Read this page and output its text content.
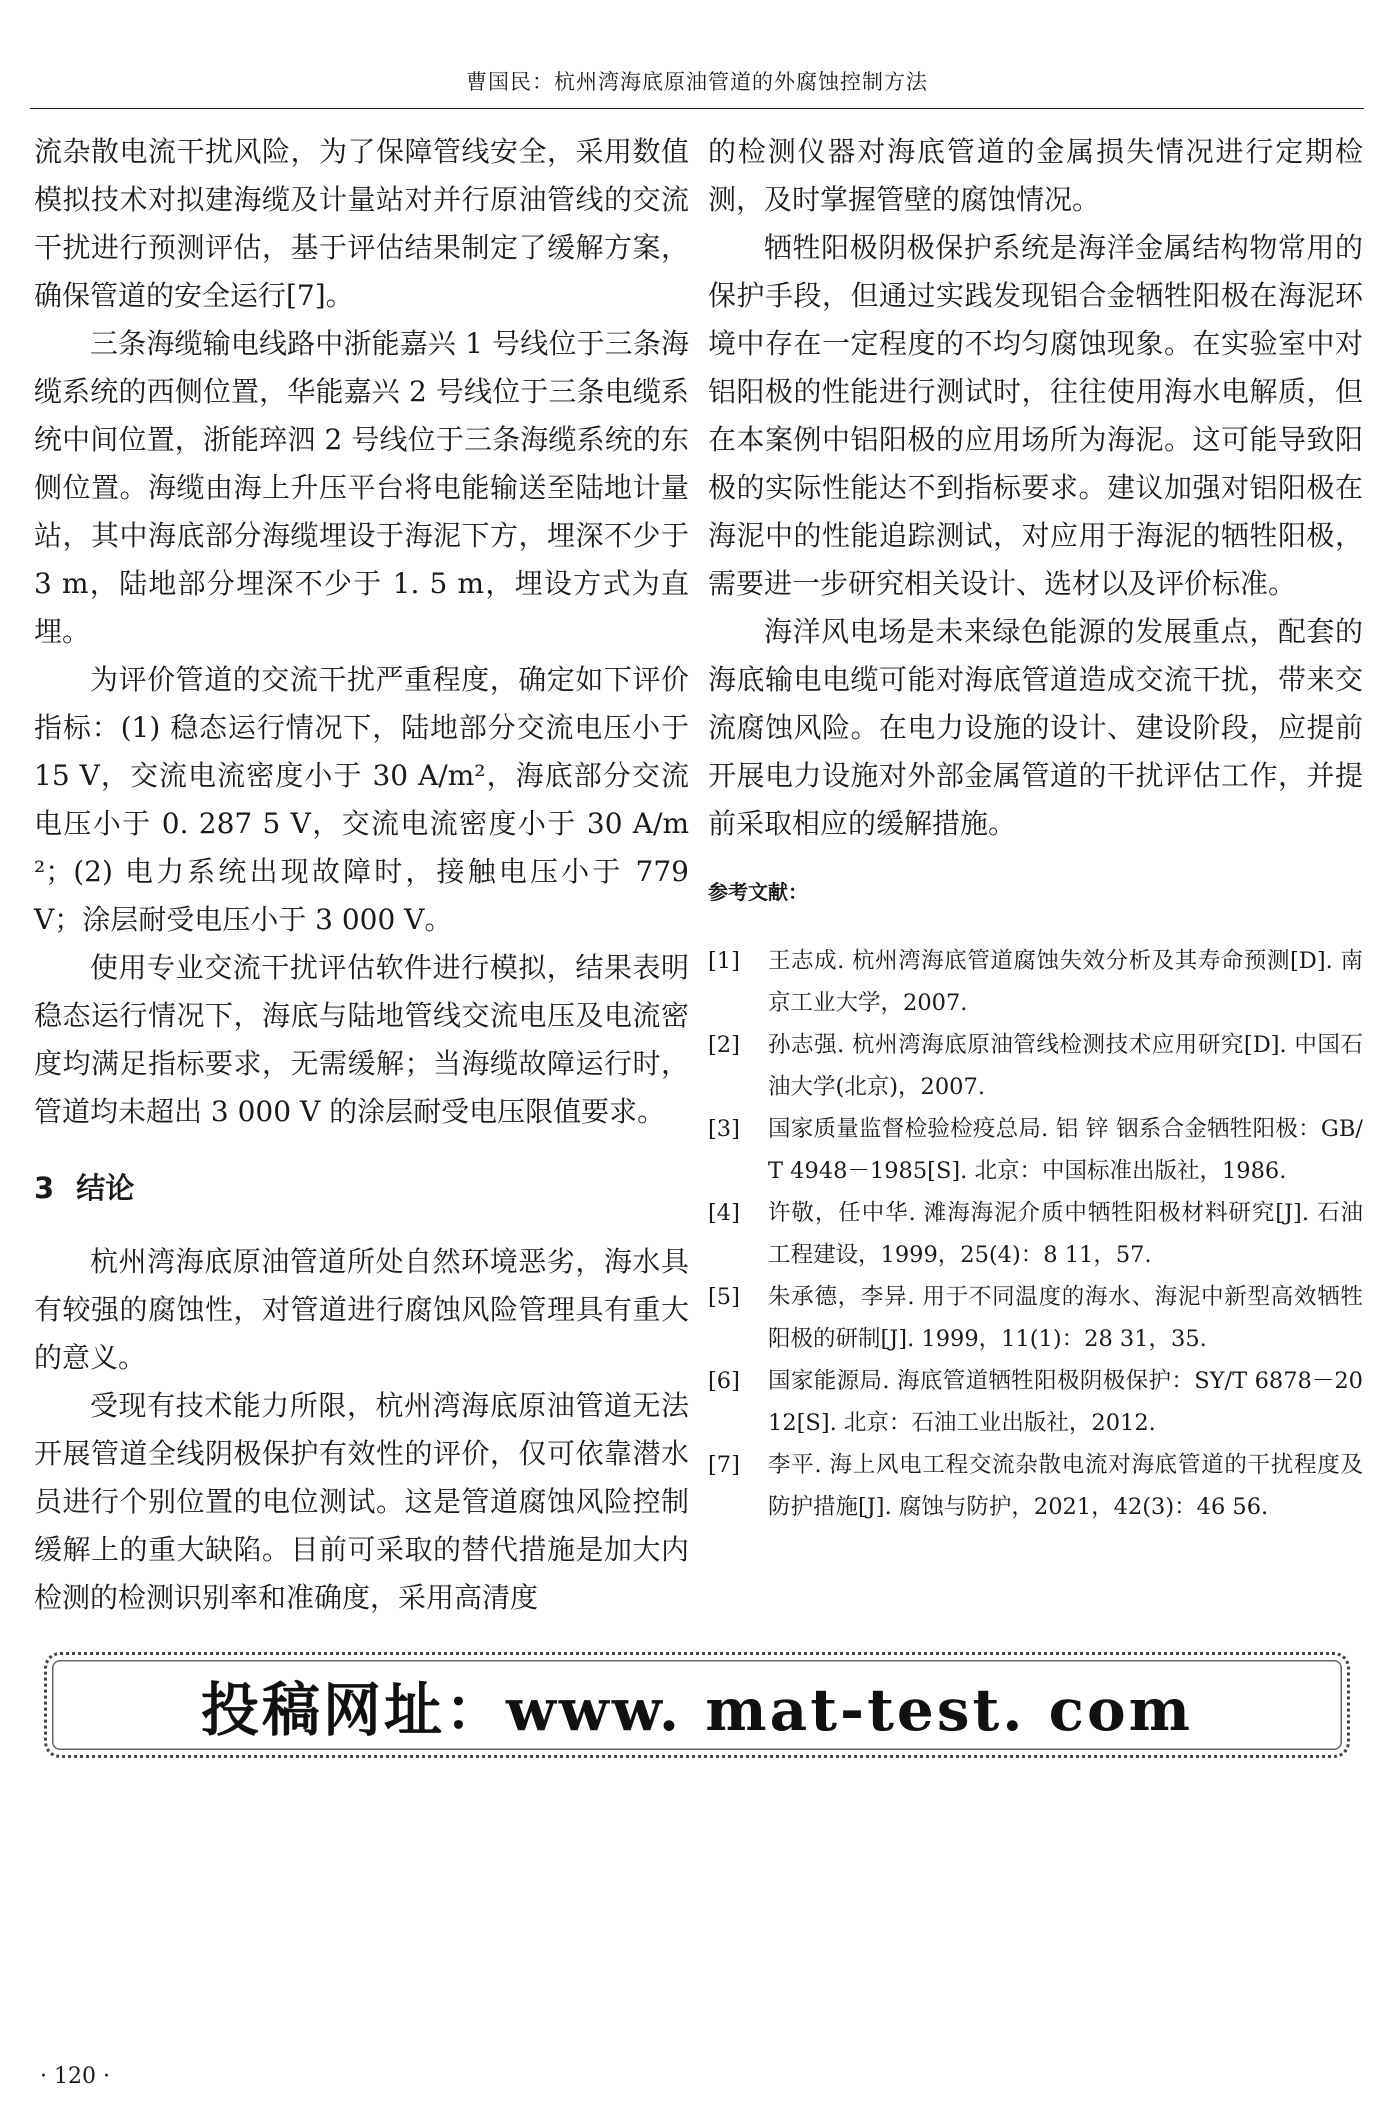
曹国民：杭州湾海底原油管道的外腐蚀控制方法

流杂散电流干扰风险，为了保障管线安全，采用数值模拟技术对拟建海缆及计量站对并行原油管线的交流干扰进行预测评估，基于评估结果制定了缓解方案，确保管道的安全运行[7]。

三条海缆输电线路中浙能嘉兴 1 号线位于三条海缆系统的西侧位置，华能嘉兴 2 号线位于三条电缆系统中间位置，浙能琗泗 2 号线位于三条海缆系统的东侧位置。海缆由海上升压平台将电能输送至陆地计量站，其中海底部分海缆埋设于海泥下方，埋深不少于 3 m，陆地部分埋深不少于 1. 5 m，埋设方式为直埋。

为评价管道的交流干扰严重程度，确定如下评价指标：(1) 稳态运行情况下，陆地部分交流电压小于 15 V，交流电流密度小于 30 A/m²，海底部分交流电压小于 0. 287 5 V，交流电流密度小于 30 A/m²；(2) 电力系统出现故障时，接触电压小于 779 V；涂层耐受电压小于 3 000 V。

使用专业交流干扰评估软件进行模拟，结果表明稳态运行情况下，海底与陆地管线交流电压及电流密度均满足指标要求，无需缓解；当海缆故障运行时，管道均未超出 3 000 V 的涂层耐受电压限值要求。

3 结论

杭州湾海底原油管道所处自然环境恶劣，海水具有较强的腐蚀性，对管道进行腐蚀风险管理具有重大的意义。

受现有技术能力所限，杭州湾海底原油管道无法开展管道全线阴极保护有效性的评价，仅可依靠潜水员进行个别位置的电位测试。这是管道腐蚀风险控制缓解上的重大缺陷。目前可采取的替代措施是加大内检测的检测识别率和准确度，采用高清度

的检测仪器对海底管道的金属损失情况进行定期检测，及时掌握管壁的腐蚀情况。

牺牲阳极阴极保护系统是海洋金属结构物常用的保护手段，但通过实践发现铝合金牺牲阳极在海泥环境中存在一定程度的不均匀腐蚀现象。在实验室中对铝阳极的性能进行测试时，往往使用海水电解质，但在本案例中铝阳极的应用场所为海泥。这可能导致阳极的实际性能达不到指标要求。建议加强对铝阳极在海泥中的性能追踪测试，对应用于海泥的牺牲阳极，需要进一步研究相关设计、选材以及评价标准。

海洋风电场是未来绿色能源的发展重点，配套的海底输电电缆可能对海底管道造成交流干扰，带来交流腐蚀风险。在电力设施的设计、建设阶段，应提前开展电力设施对外部金属管道的干扰评估工作，并提前采取相应的缓解措施。

参考文献：
[1]	王志成. 杭州湾海底管道腐蚀失效分析及其寿命预测[D]. 南京工业大学，2007.
[2]	孙志强. 杭州湾海底原油管线检测技术应用研究[D]. 中国石油大学(北京)，2007.
[3]	国家质量监督检验检疫总局. 铝 锌 铟系合金牺牲阳极：GB/T 4948－1985[S]. 北京：中国标准出版社，1986.
[4]	许敬，任中华. 滩海海泥介质中牺牲阳极材料研究[J]. 石油工程建设，1999，25(4)：8 11，57.
[5]	朱承德，李异. 用于不同温度的海水、海泥中新型高效牺牲阳极的研制[J]. 1999，11(1)：28 31，35.
[6]	国家能源局. 海底管道牺牲阳极阴极保护：SY/T 6878－2012[S]. 北京：石油工业出版社，2012.
[7]	李平. 海上风电工程交流杂散电流对海底管道的干扰程度及防护措施[J]. 腐蚀与防护，2021，42(3)：46 56.
投稿网址：www. mat-test. com
· 120 ·
